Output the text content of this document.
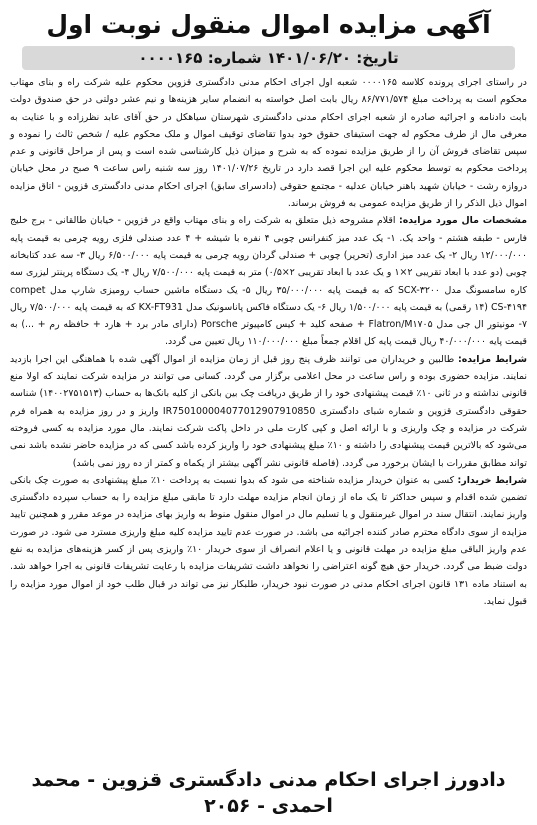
آگهی مزایده اموال منقول نوبت اول
تاریخ: ۱۴۰۱/۰۶/۲۰ شماره: ۰۰۰۰۱۶۵

در راستای اجرای پرونده کلاسه ۰۰۰۰۱۶۵ شعبه اول اجرای احکام مدنی دادگستری قزوین محکوم علیه شرکت راه و بنای مهتاب محکوم است به پرداخت مبلغ ۸۶/۷۷۱/۵۷۴ ریال بابت اصل خواسته به انضمام سایر هزینه‌ها و نیم عشر دولتی در حق صندوق دولت بابت دادنامه و اجرائیه صادره از شعبه اجرای احکام مدنی دادگستری شهرستان سیاهکل در حق آقای عابد نظرزاده و با عنایت به معرفی مال از طرف محکوم له جهت استیفای حقوق خود بدوا تقاضای توقیف اموال و ملک محکوم علیه / شخص ثالث را نموده و سپس تقاضای فروش آن را از طریق مزایده نموده که به شرح و میزان ذیل کارشناسی شده است و پس از مراحل قانونی و عدم پرداخت محکوم به توسط محکوم علیه این اجرا قصد دارد در تاریخ ۱۴۰۱/۰۷/۲۶ روز سه شنبه راس ساعت ۹ صبح در محل خیابان دروازه رشت - خیابان شهید باهنر خیابان عدلیه - مجتمع حقوقی (دادسرای سابق) اجرای احکام مدنی دادگستری قزوین - اتاق مزایده اموال ذیل الذکر را از طریق مزایده عمومی به فروش برساند.

مشخصات مال مورد مزایده: اقلام مشروحه ذیل متعلق به شرکت راه و بنای مهتاب واقع در قزوین - خیابان طالقانی - برج خلیج فارس - طبقه هشتم - واحد یک. ۱- یک عدد میز کنفرانس چوبی ۴ نفره با شیشه + ۴ عدد صندلی فلزی رویه چرمی به قیمت پایه ۱۲/۰۰۰/۰۰۰ ریال ۲- یک عدد میز اداری (تحریر) چوبی + صندلی گردان رویه چرمی به قیمت پایه ۶/۵۰۰/۰۰۰ ریال ۳- سه عدد کتابخانه چوبی (دو عدد با ابعاد تقریبی ۲×۱ و یک عدد با ابعاد تقریبی ۲×۰/۵) متر به قیمت پایه ۷/۵۰۰/۰۰۰ ریال ۴- یک دستگاه پرینتر لیزری سه کاره سامسونگ مدل SCX-۳۲۰۰ که به قیمت پایه ۳۵/۰۰۰/۰۰۰ ریال ۵- یک دستگاه ماشین حساب رومیزی شارپ مدل compet CS-۴۱۹۴ (۱۴ رقمی) به قیمت پایه ۱/۵۰۰/۰۰۰ ریال ۶- یک دستگاه فاکس پاناسونیک مدل KX-FT931 که به قیمت پایه ۷/۵۰۰/۰۰۰ ریال ۷- مونیتور ال جی مدل Flatron/M۱۷۰۵ + صفحه کلید + کیس کامپیوتر Porsche (دارای مادر برد + هارد + حافظه رم + ...) به قیمت پایه ۴۰/۰۰۰/۰۰۰ ریال قیمت پایه کل اقلام جمعاً مبلغ ۱۱۰/۰۰۰/۰۰۰ ریال تعیین می گردد.

شرایط مزایده: طالبین و خریداران می توانند ظرف پنج روز قبل از زمان مزایده از اموال آگهی شده با هماهنگی این اجرا بازدید نمایند. مزایده حضوری بوده و راس ساعت در محل اعلامی برگزار می گردد. کسانی می توانند در مزایده شرکت نمایند که اولا منع قانونی نداشته و در ثانی ۱۰٪ قیمت پیشنهادی خود را از طریق دریافت چک بین بانکی از کلیه بانک‌ها به حساب (۱۴۰۰۲۷۵۱۵۱۳) شناسه حقوقی دادگستری قزوین و شماره شبای دادگستری IR750100004077012907910850 واریز و در روز مزایده به همراه فرم شرکت در مزایده و چک واریزی و با ارائه اصل و کپی کارت ملی در داخل پاکت شرکت نمایند. مال مورد مزایده به کسی فروخته می‌شود که بالاترین قیمت پیشنهادی را داشته و ۱۰٪ مبلغ پیشنهادی خود را واریز کرده باشد کسی که در مزایده حاضر نشده باشد نمی تواند مطابق مقررات با ایشان برخورد می گردد. (فاصله قانونی نشر آگهی بیشتر از یکماه و کمتر از ده روز نمی باشد)

شرایط خریدار: کسی به عنوان خریدار مزایده شناخته می شود که بدوا نسبت به پرداخت ۱۰٪ مبلغ پیشنهادی به صورت چک بانکی تضمین شده اقدام و سپس حداکثر تا یک ماه از زمان انجام مزایده مهلت دارد تا مابقی مبلغ مزایده را به حساب سپرده دادگستری واریز نمایند. انتقال سند در اموال غیرمنقول و یا تسلیم مال در اموال منقول منوط به واریز بهای مزایده در موعد مقرر و همچنین تایید مزایده از سوی دادگاه محترم صادر کننده اجرائیه می باشد. در صورت عدم تایید مزایده کلیه مبلغ واریزی مسترد می شود. در صورت عدم واریز الباقی مبلغ مزایده در مهلت قانونی و یا اعلام انصراف از سوی خریدار ۱۰٪ واریزی پس از کسر هزینه‌های مزایده به نفع دولت ضبط می گردد. خریدار حق هیچ گونه اعتراضی را نخواهد داشت تشریفات مزایده با رعایت تشریفات قانونی به اجرا خواهد شد. به استناد ماده ۱۳۱ قانون اجرای احکام مدنی در صورت نبود خریدار، طلبکار نیز می تواند در قبال طلب خود از اموال مورد مزایده را قبول نماید.

دادورز اجرای احکام مدنی دادگستری قزوین - محمد احمدی - ۲۰۵۶
